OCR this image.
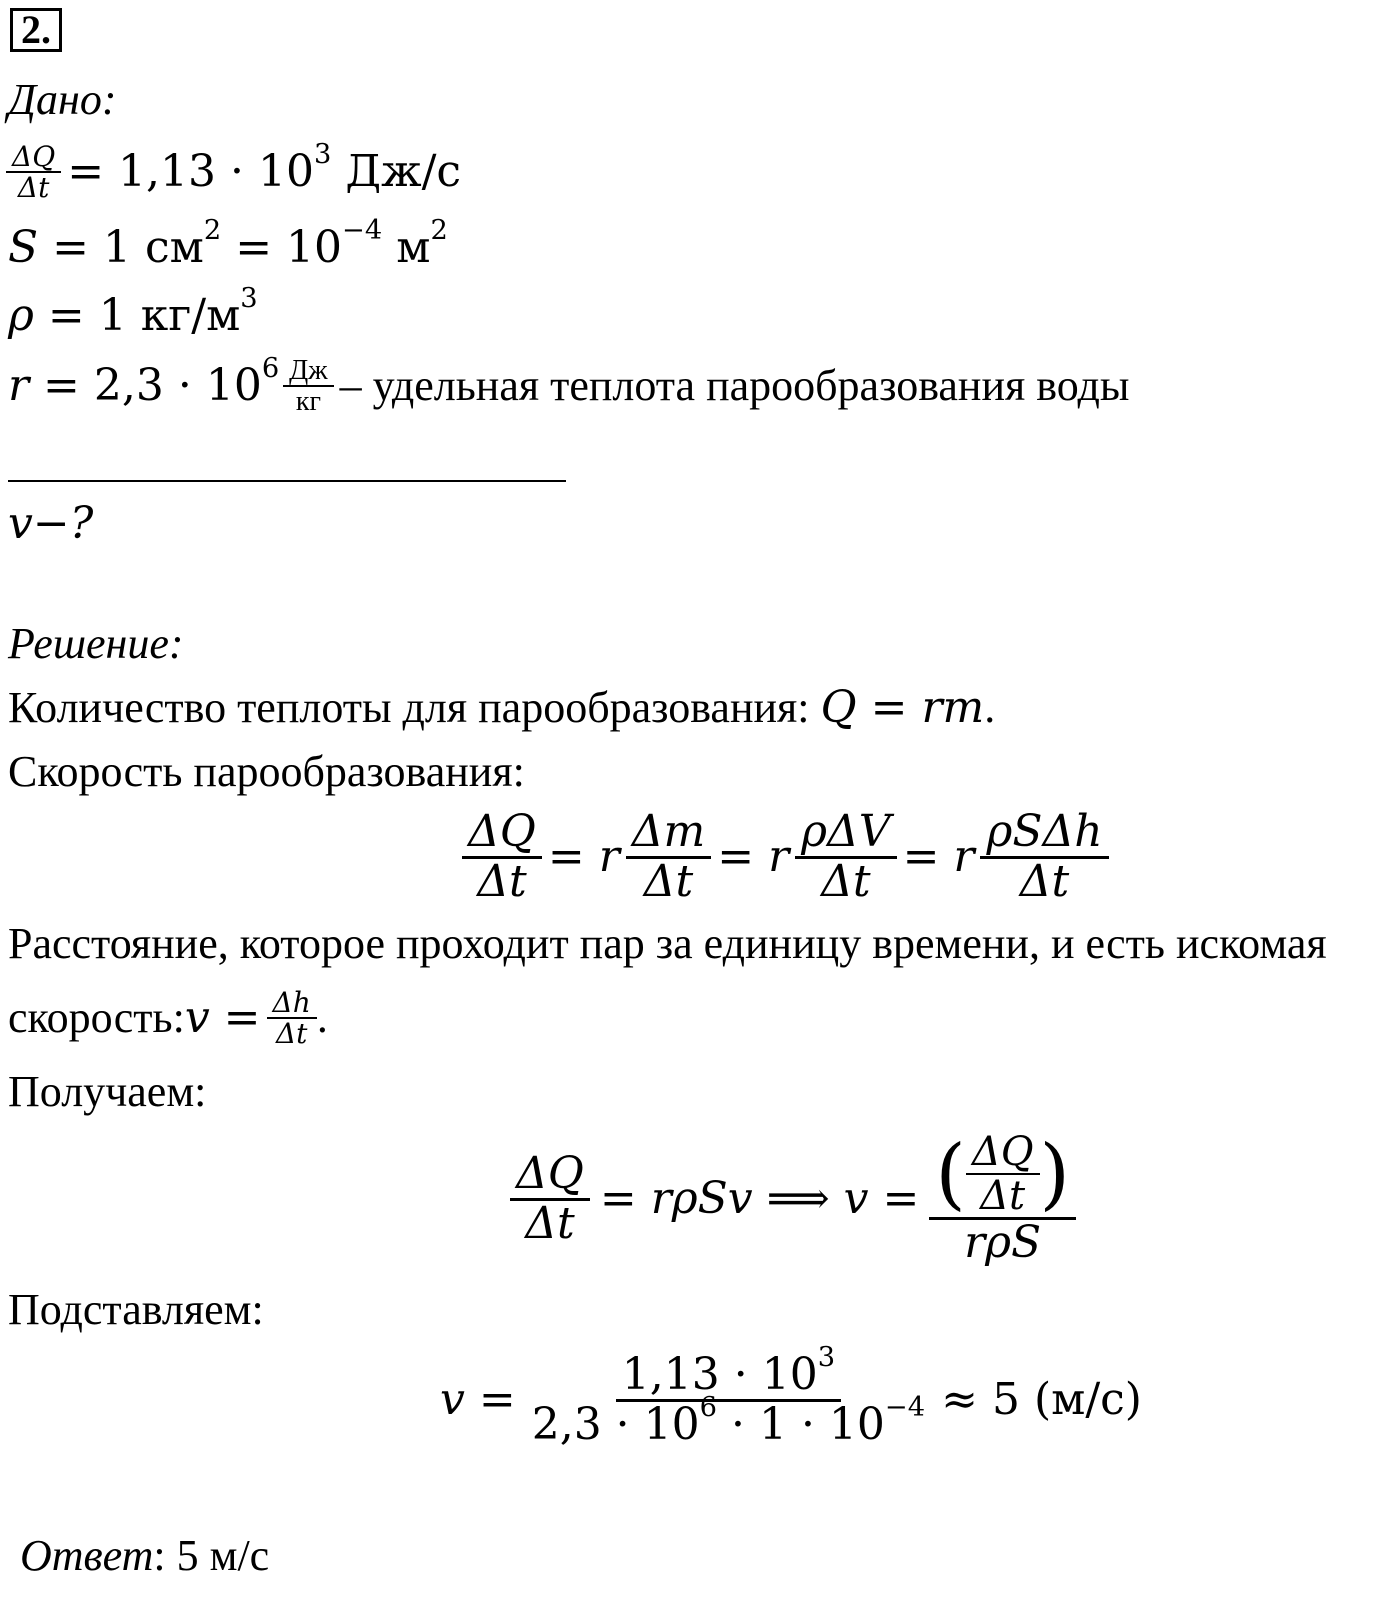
2.
Дано:
$\frac{\Delta Q}{\Delta t} = 1,13 \cdot 10^3$ Дж/с
S = 1 $см^2 = 10^{-4}$ $м^2$
ρ = 1 $кг/м^3$
$r = 2,3 \cdot 10^6 \frac{Дж}{кг}$ – удельная теплота парообразования воды
v−?
Решение:
Количество теплоты для парообразования: Q = rm.
Скорость парообразования:
$\frac{\Delta Q}{\Delta t} = r \frac{\Delta m}{\Delta t} = r \frac{\text{ρΔV}}{\Delta t} = r \frac{\text{ρSΔh}}{\Delta t}$
Расстояние, которое проходит пар за единицу времени, и есть искомая
скорость: $v = \frac{\Delta h}{\Delta t}$ .
Получаем:
$\frac{\Delta Q}{\Delta t} = r\rho Sv$ ⟹ $v = \frac{( \frac{\Delta Q}{\Delta t} )}{\text{rρS}}$
Подставляем:
$v = \frac{1,13 \cdot 10^3}{2,3 \cdot 10^6 \cdot 1 \cdot 10^{-4}} \approx 5$ (м/с)
Ответ: 5 м/с
